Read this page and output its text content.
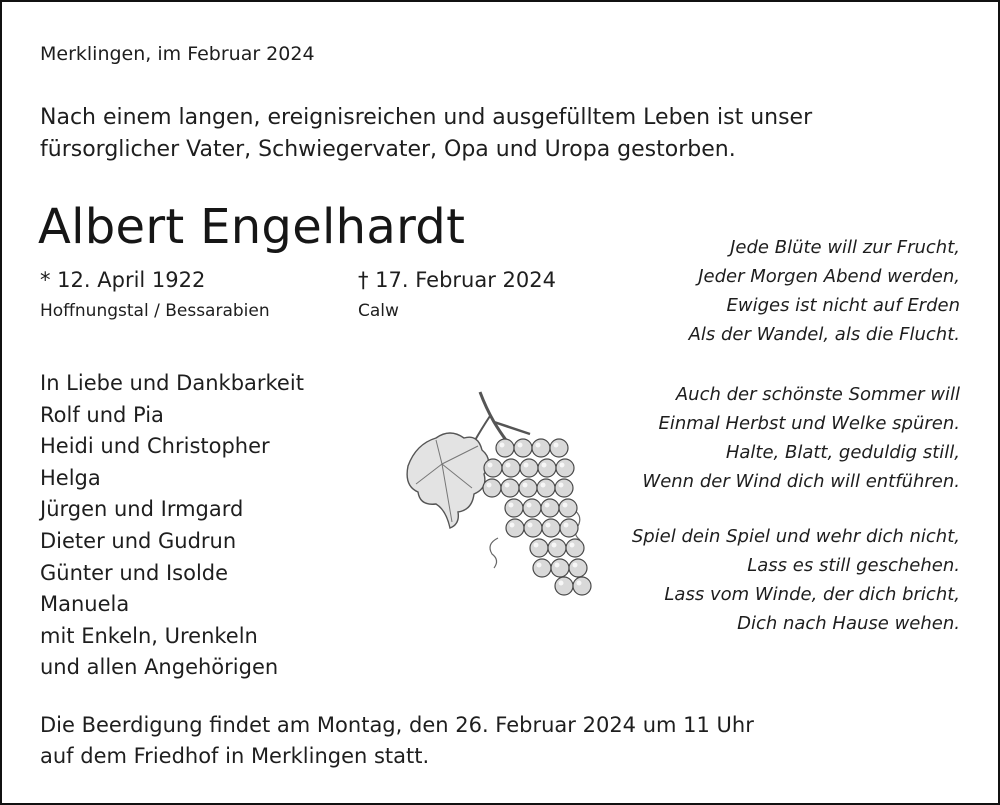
Merklingen, im Februar 2024
Nach einem langen, ereignisreichen und ausgefülltem Leben ist unser
fürsorglicher Vater, Schwiegervater, Opa und Uropa gestorben.
Albert Engelhardt
* 12. April 1922
Hoffnungstal / Bessarabien
† 17. Februar 2024
Calw
In Liebe und Dankbarkeit
Rolf und Pia
Heidi und Christopher
Helga
Jürgen und Irmgard
Dieter und Gudrun
Günter und Isolde
Manuela
mit Enkeln, Urenkeln
und allen Angehörigen
Jede Blüte will zur Frucht,
Jeder Morgen Abend werden,
Ewiges ist nicht auf Erden
Als der Wandel, als die Flucht.
Auch der schönste Sommer will
Einmal Herbst und Welke spüren.
Halte, Blatt, geduldig still,
Wenn der Wind dich will entführen.
Spiel dein Spiel und wehr dich nicht,
Lass es still geschehen.
Lass vom Winde, der dich bricht,
Dich nach Hause wehen.
Die Beerdigung findet am Montag, den 26. Februar 2024 um 11 Uhr
auf dem Friedhof in Merklingen statt.
